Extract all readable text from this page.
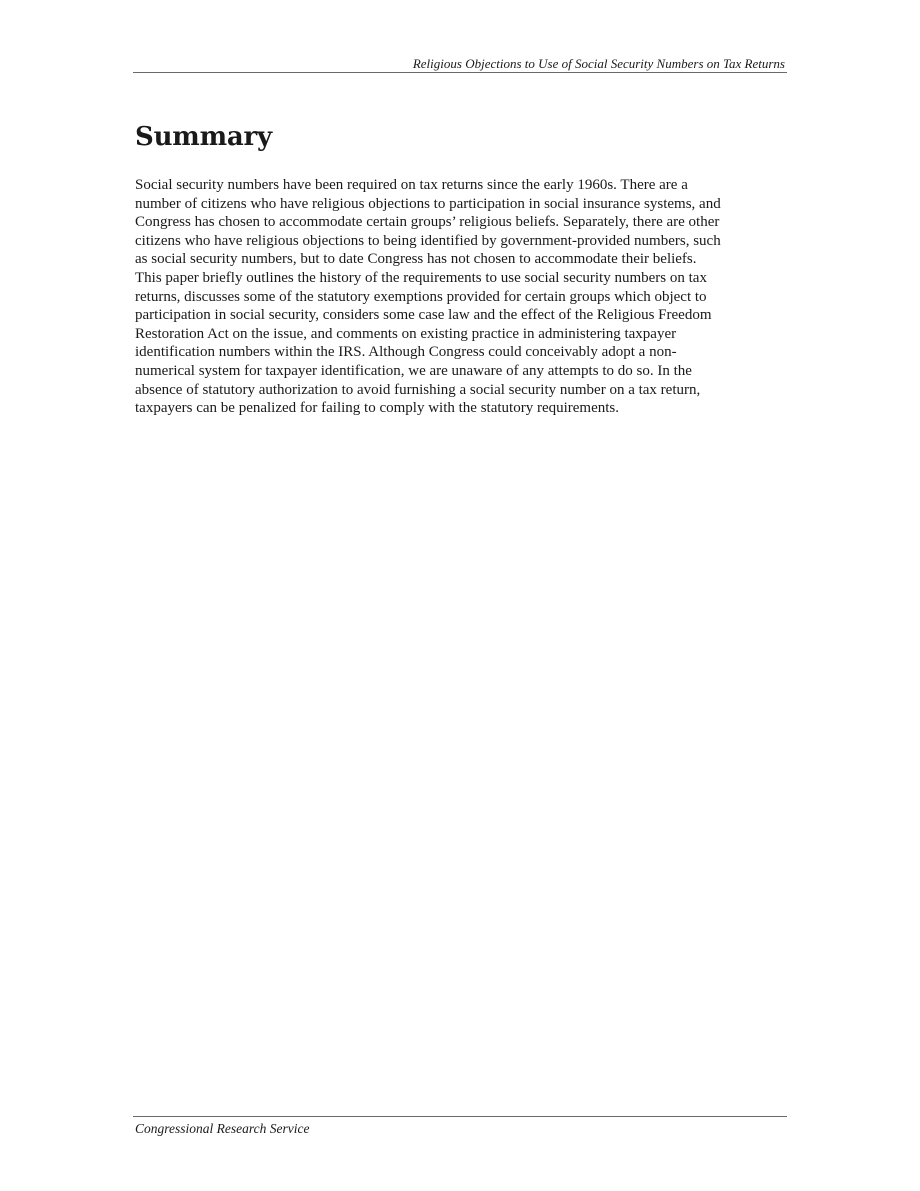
Religious Objections to Use of Social Security Numbers on Tax Returns
Summary

Social security numbers have been required on tax returns since the early 1960s. There are a
number of citizens who have religious objections to participation in social insurance systems, and
Congress has chosen to accommodate certain groups’ religious beliefs. Separately, there are other
citizens who have religious objections to being identified by government-provided numbers, such
as social security numbers, but to date Congress has not chosen to accommodate their beliefs.
This paper briefly outlines the history of the requirements to use social security numbers on tax
returns, discusses some of the statutory exemptions provided for certain groups which object to
participation in social security, considers some case law and the effect of the Religious Freedom
Restoration Act on the issue, and comments on existing practice in administering taxpayer
identification numbers within the IRS. Although Congress could conceivably adopt a non-
numerical system for taxpayer identification, we are unaware of any attempts to do so. In the
absence of statutory authorization to avoid furnishing a social security number on a tax return,
taxpayers can be penalized for failing to comply with the statutory requirements.

Congressional Research Service
